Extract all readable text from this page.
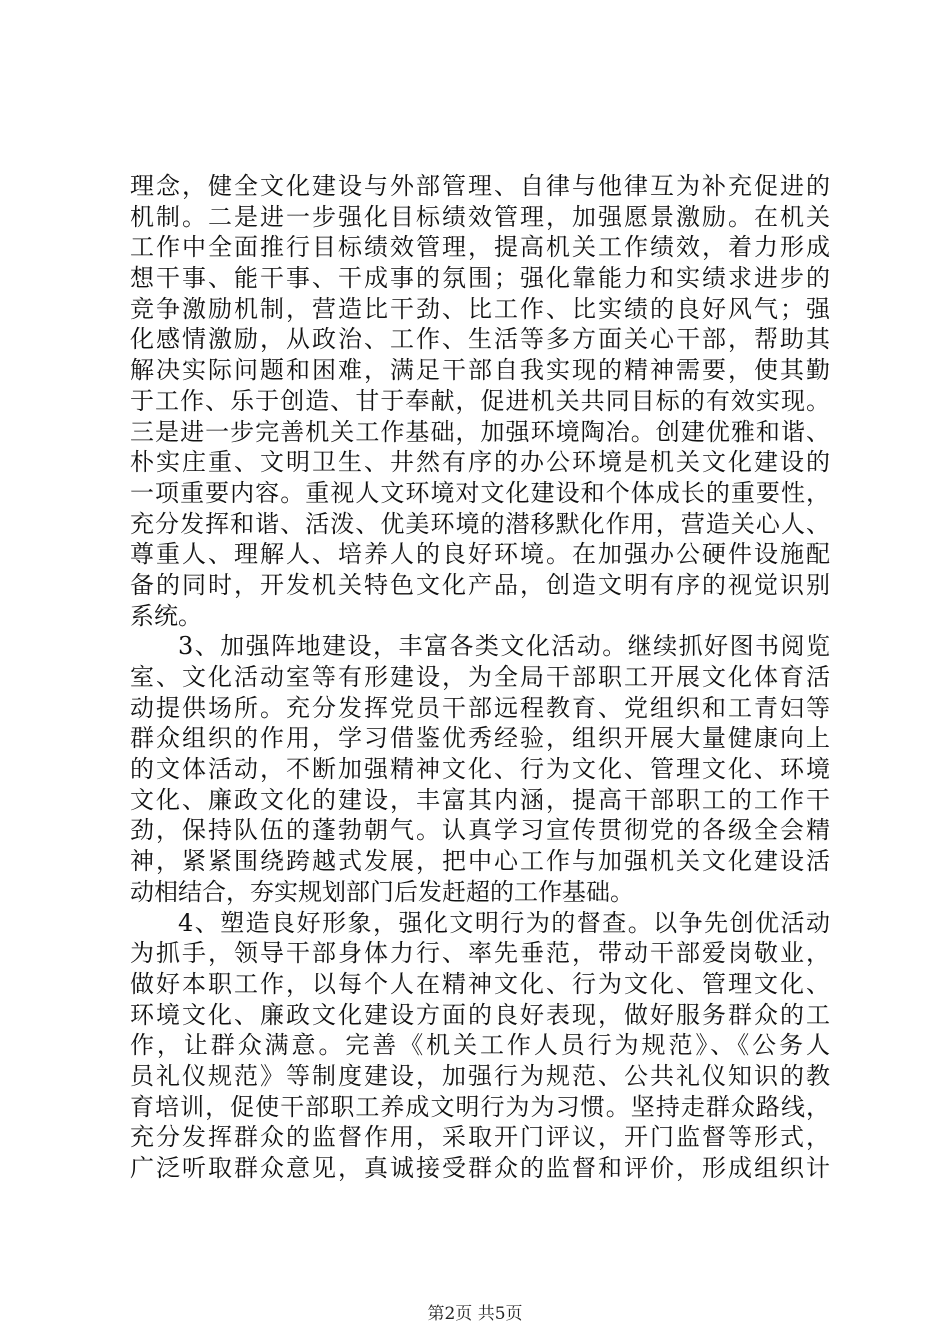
理念，健全文化建设与外部管理、自律与他律互为补充促进的
机制。二是进一步强化目标绩效管理，加强愿景激励。在机关
工作中全面推行目标绩效管理，提高机关工作绩效，着力形成
想干事、能干事、干成事的氛围；强化靠能力和实绩求进步的
竞争激励机制，营造比干劲、比工作、比实绩的良好风气；强
化感情激励，从政治、工作、生活等多方面关心干部，帮助其
解决实际问题和困难，满足干部自我实现的精神需要，使其勤
于工作、乐于创造、甘于奉献，促进机关共同目标的有效实现。
三是进一步完善机关工作基础，加强环境陶冶。创建优雅和谐、
朴实庄重、文明卫生、井然有序的办公环境是机关文化建设的
一项重要内容。重视人文环境对文化建设和个体成长的重要性，
充分发挥和谐、活泼、优美环境的潜移默化作用，营造关心人、
尊重人、理解人、培养人的良好环境。在加强办公硬件设施配
备的同时，开发机关特色文化产品，创造文明有序的视觉识别
系统。
3、加强阵地建设，丰富各类文化活动。继续抓好图书阅览
室、文化活动室等有形建设，为全局干部职工开展文化体育活
动提供场所。充分发挥党员干部远程教育、党组织和工青妇等
群众组织的作用，学习借鉴优秀经验，组织开展大量健康向上
的文体活动，不断加强精神文化、行为文化、管理文化、环境
文化、廉政文化的建设，丰富其内涵，提高干部职工的工作干
劲，保持队伍的蓬勃朝气。认真学习宣传贯彻党的各级全会精
神，紧紧围绕跨越式发展，把中心工作与加强机关文化建设活
动相结合，夯实规划部门后发赶超的工作基础。
4、塑造良好形象，强化文明行为的督查。以争先创优活动
为抓手，领导干部身体力行、率先垂范，带动干部爱岗敬业，
做好本职工作，以每个人在精神文化、行为文化、管理文化、
环境文化、廉政文化建设方面的良好表现，做好服务群众的工
作，让群众满意。完善《机关工作人员行为规范》、《公务人
员礼仪规范》等制度建设，加强行为规范、公共礼仪知识的教
育培训，促使干部职工养成文明行为为习惯。坚持走群众路线，
充分发挥群众的监督作用，采取开门评议，开门监督等形式，
广泛听取群众意见，真诚接受群众的监督和评价，形成组织计
第2页 共5页
